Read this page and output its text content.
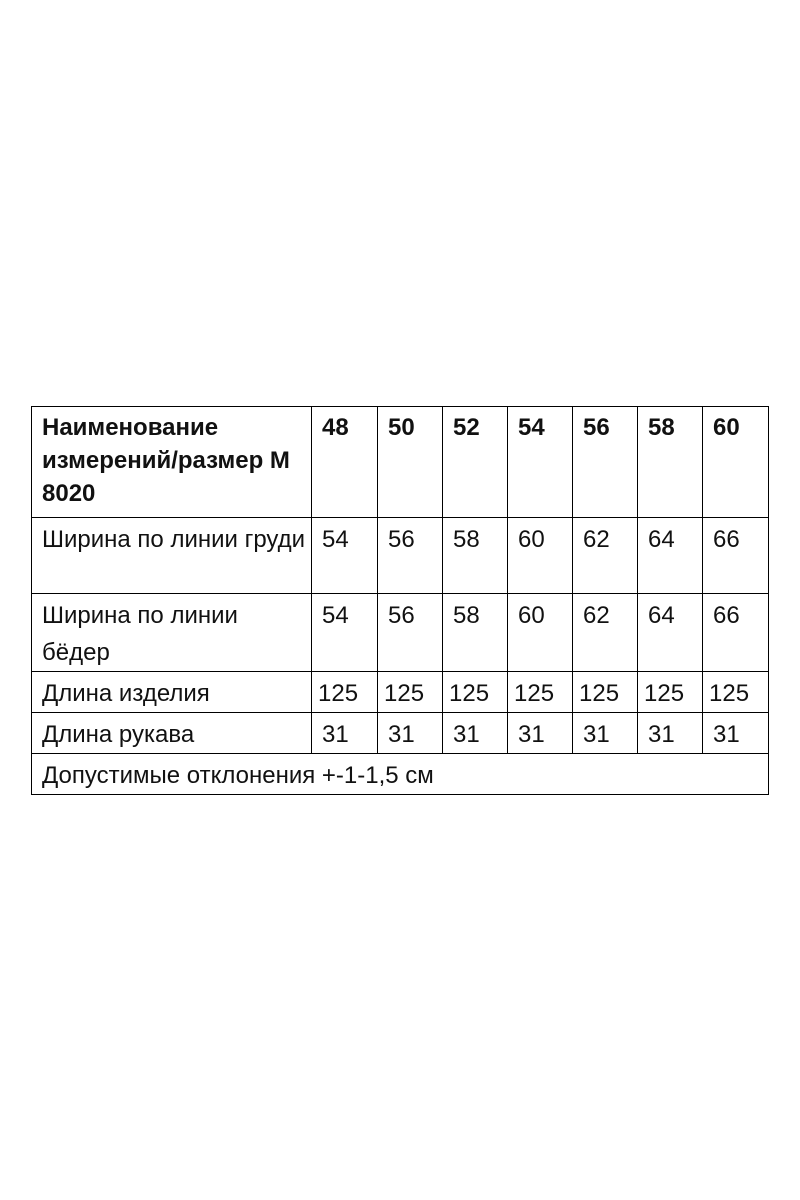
Наименование измерений/размер М 8020	48	50	52	54	56	58	60
Ширина по линии груди	54	56	58	60	62	64	66
Ширина по линии бёдер	54	56	58	60	62	64	66
Длина изделия	125	125	125	125	125	125	125
Длина рукава	31	31	31	31	31	31	31
Допустимые отклонения +-1-1,5 см							
